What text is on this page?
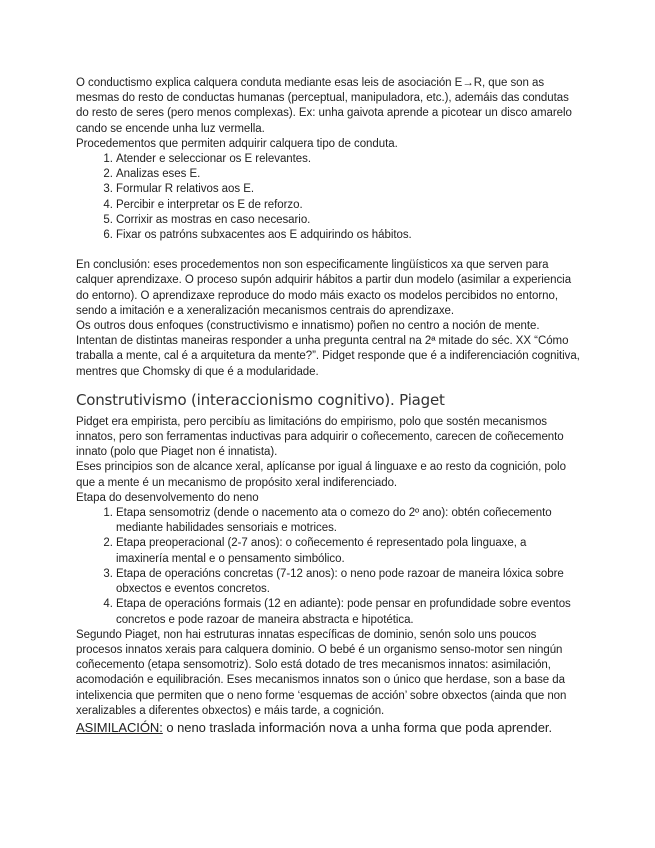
O conductismo explica calquera conduta mediante esas leis de asociación E→R, que son as mesmas do resto de conductas humanas (perceptual, manipuladora, etc.), ademáis das condutas do resto de seres (pero menos complexas). Ex: unha gaivota aprende a picotear un disco amarelo cando se encende unha luz vermella.

Procedementos que permiten adquirir calquera tipo de conduta.

1. Atender e seleccionar os E relevantes.
2. Analizas eses E.
3. Formular R relativos aos E.
4. Percibir e interpretar os E de reforzo.
5. Corrixir as mostras en caso necesario.
6. Fixar os patróns subxacentes aos E adquirindo os hábitos.

En conclusión: eses procedementos non son especificamente lingüísticos xa que serven para calquer aprendizaxe. O proceso supón adquirir hábitos a partir dun modelo (asimilar a experiencia do entorno). O aprendizaxe reproduce do modo máis exacto os modelos percibidos no entorno, sendo a imitación e a xeneralización mecanismos centrais do aprendizaxe.

Os outros dous enfoques (constructivismo e innatismo) poñen no centro a noción de mente. Intentan de distintas maneiras responder a unha pregunta central na 2ª mitade do séc. XX “Cómo traballa a mente, cal é a arquitetura da mente?”. Pidget responde que é a indiferenciación cognitiva, mentres que Chomsky di que é a modularidade.

Construtivismo (interaccionismo cognitivo). Piaget

Pidget era empirista, pero percibíu as limitacións do empirismo, polo que sostén mecanismos innatos, pero son ferramentas inductivas para adquirir o coñecemento, carecen de coñecemento innato (polo que Piaget non é innatista).

Eses principios son de alcance xeral, aplícanse por igual á linguaxe e ao resto da cognición, polo que a mente é un mecanismo de propósito xeral indiferenciado.

Etapa do desenvolvemento do neno

1. Etapa sensomotriz (dende o nacemento ata o comezo do 2º ano): obtén coñecemento mediante habilidades sensoriais e motrices.
2. Etapa preoperacional (2-7 anos): o coñecemento é representado pola linguaxe, a imaxinería mental e o pensamento simbólico.
3. Etapa de operacións concretas (7-12 anos): o neno pode razoar de maneira lóxica sobre obxectos e eventos concretos.
4. Etapa de operacións formais (12 en adiante): pode pensar en profundidade sobre eventos concretos e pode razoar de maneira abstracta e hipotética.

Segundo Piaget, non hai estruturas innatas específicas de dominio, senón solo uns poucos procesos innatos xerais para calquera dominio. O bebé é un organismo senso-motor sen ningún coñecemento (etapa sensomotriz). Solo está dotado de tres mecanismos innatos: asimilación, acomodación e equilibración. Eses mecanismos innatos son o único que herdase, son a base da intelixencia que permiten que o neno forme ‘esquemas de acción’ sobre obxectos (ainda que non xeralizables a diferentes obxectos) e máis tarde, a cognición.

ASIMILACIÓN: o neno traslada información nova a unha forma que poda aprender.
